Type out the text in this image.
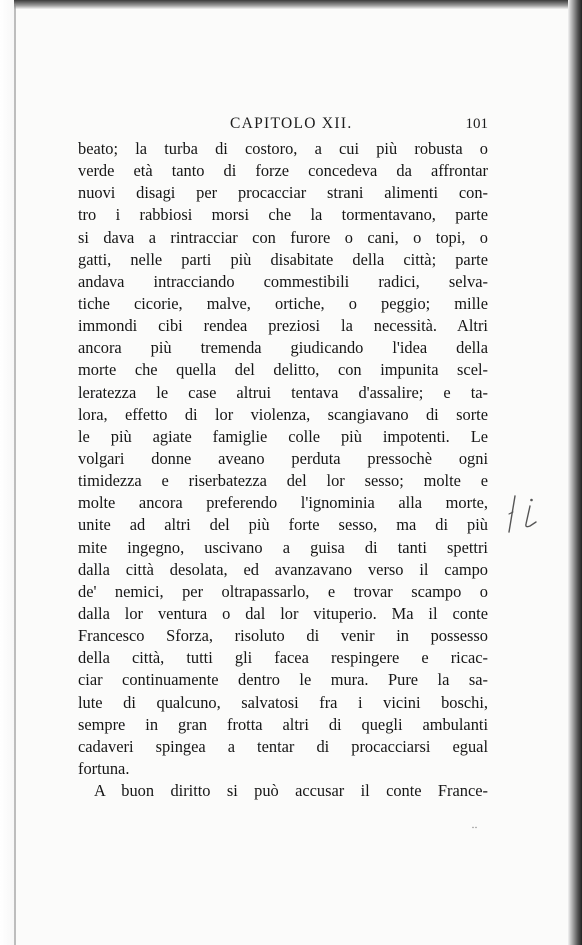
CAPITOLO XII.	101
beato; la turba di costoro, a cui più robusta o
verde età tanto di forze concedeva da affrontar
nuovi disagi per procacciar strani alimenti con-
tro i rabbiosi morsi che la tormentavano, parte
si dava a rintracciar con furore o cani, o topi, o
gatti, nelle parti più disabitate della città; parte
andava intracciando commestibili radici, selva-
tiche cicorie, malve, ortiche, o peggio; mille
immondi cibi rendea preziosi la necessità. Altri
ancora più tremenda giudicando l'idea della
morte che quella del delitto, con impunita scel-
leratezza le case altrui tentava d'assalire; e ta-
lora, effetto di lor violenza, scangiavano di sorte
le più agiate famiglie colle più impotenti. Le
volgari donne aveano perduta pressochè ogni
timidezza e riserbatezza del lor sesso; molte e
molte ancora preferendo l'ignominia alla morte,
unite ad altri del più forte sesso, ma di più
mite ingegno, uscivano a guisa di tanti spettri
dalla città desolata, ed avanzavano verso il campo
de' nemici, per oltrapassarlo, e trovar scampo o
dalla lor ventura o dal lor vituperio. Ma il conte
Francesco Sforza, risoluto di venir in possesso
della città, tutti gli facea respingere e ricac-
ciar continuamente dentro le mura. Pure la sa-
lute di qualcuno, salvatosi fra i vicini boschi,
sempre in gran frotta altri di quegli ambulanti
cadaveri spingea a tentar di procacciarsi egual
fortuna.
A buon diritto si può accusar il conte France-
